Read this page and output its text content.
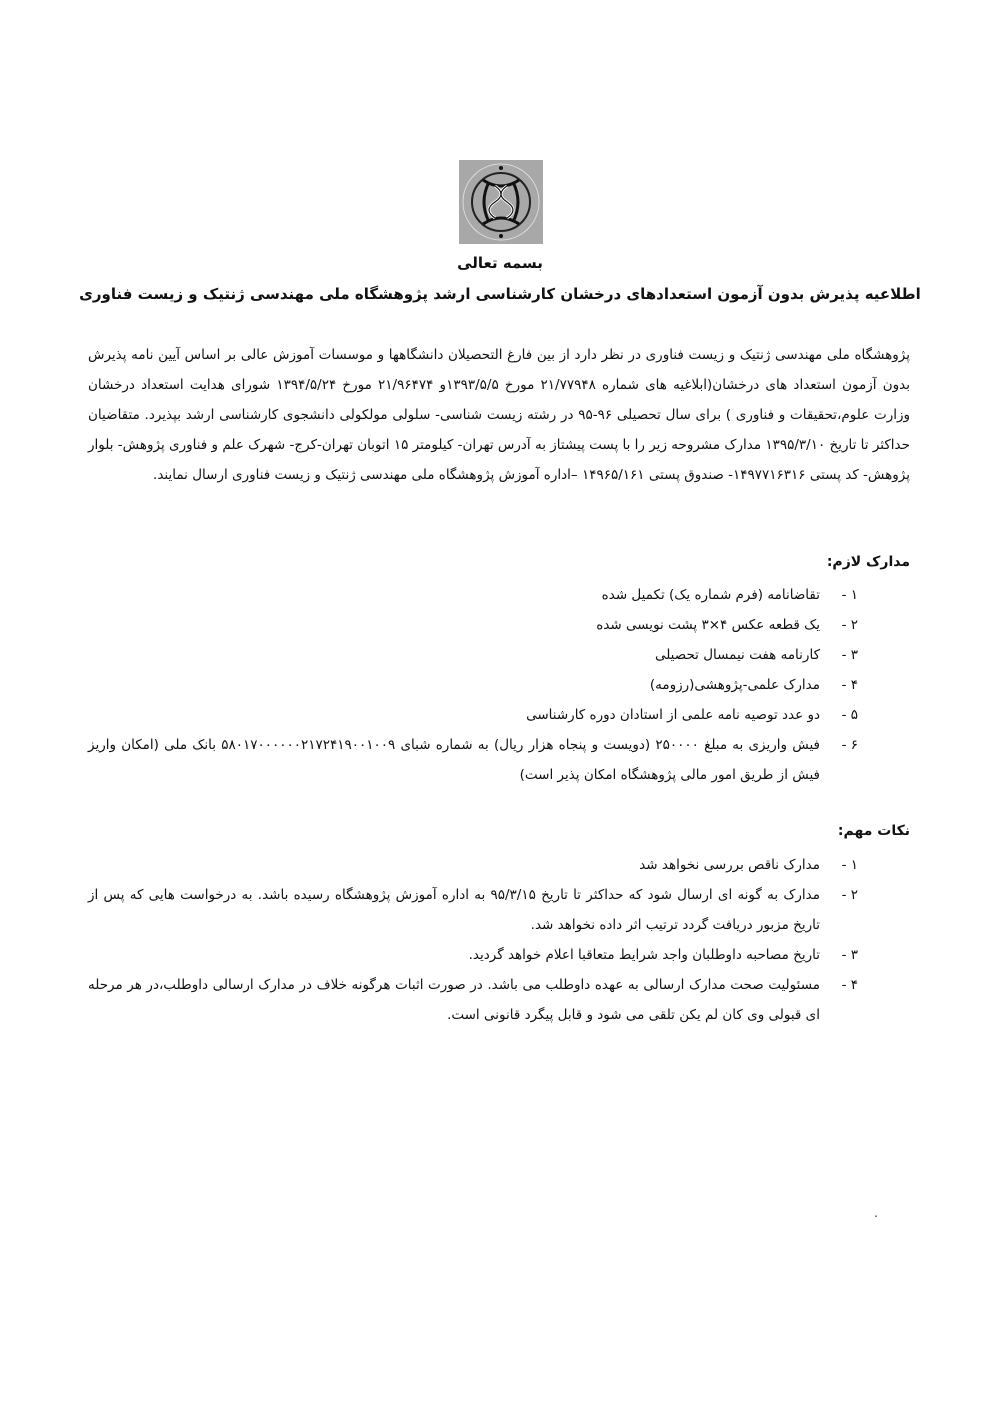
بسمه تعالی
اطلاعیه پذیرش بدون آزمون استعدادهای درخشان کارشناسی ارشد پژوهشگاه ملی مهندسی ژنتیک و زیست فناوری
پژوهشگاه ملی مهندسی ژنتیک و زیست فناوری در نظر دارد از بین فارغ التحصیلان دانشگاهها و موسسات آموزش عالی بر اساس آیین نامه پذیرش بدون آزمون استعداد های درخشان(ابلاغیه های شماره ۲۱/۷۷۹۴۸ مورخ ۱۳۹۳/۵/۵و ۲۱/۹۶۴۷۴ مورخ ۱۳۹۴/۵/۲۴ شورای هدایت استعداد درخشان وزارت علوم،تحقیقات و فناوری ) برای سال تحصیلی ۹۶-۹۵ در رشته زیست شناسی- سلولی مولکولی دانشجوی کارشناسی ارشد بپذیرد. متقاضیان حداکثر تا تاریخ ۱۳۹۵/۳/۱۰ مدارک مشروحه زیر را با پست پیشتاز به آدرس تهران- کیلومتر ۱۵ اتوبان تهران-کرج- شهرک علم و فناوری پژوهش- بلوار پژوهش- کد پستی ۱۴۹۷۷۱۶۳۱۶- صندوق پستی ۱۴۹۶۵/۱۶۱ –اداره آموزش پژوهشگاه ملی مهندسی ژنتیک و زیست فناوری ارسال نمایند.
مدارک لازم:
۱ -
تقاضانامه (فرم شماره یک) تکمیل شده
۲ -
یک قطعه عکس ۴×۳ پشت نویسی شده
۳ -
کارنامه هفت نیمسال تحصیلی
۴ -
مدارک علمی-پژوهشی(رزومه)
۵ -
دو عدد توصیه نامه علمی از استادان دوره کارشناسی
۶ -
فیش واریزی به مبلغ ۲۵۰۰۰۰ (دویست و پنجاه هزار ریال) به شماره شبای ۵۸۰۱۷۰۰۰۰۰۰۲۱۷۲۴۱۹۰۰۱۰۰۹ بانک ملی (امکان واریز فیش از طریق امور مالی پژوهشگاه امکان پذیر است)
نکات مهم:
۱ -
مدارک ناقص بررسی نخواهد شد
۲ -
مدارک به گونه ای ارسال شود که حداکثر تا تاریخ ۹۵/۳/۱۵ به اداره آموزش پژوهشگاه رسیده باشد. به درخواست هایی که پس از تاریخ مزبور دریافت گردد ترتیب اثر داده نخواهد شد.
۳ -
تاریخ مصاحبه داوطلبان واجد شرایط متعاقبا اعلام خواهد گردید.
۴ -
مسئولیت صحت مدارک ارسالی به عهده داوطلب می باشد. در صورت اثبات هرگونه خلاف در مدارک ارسالی داوطلب،در هر مرحله ای قبولی وی کان لم یکن تلقی می شود و قابل پیگرد قانونی است.
.
